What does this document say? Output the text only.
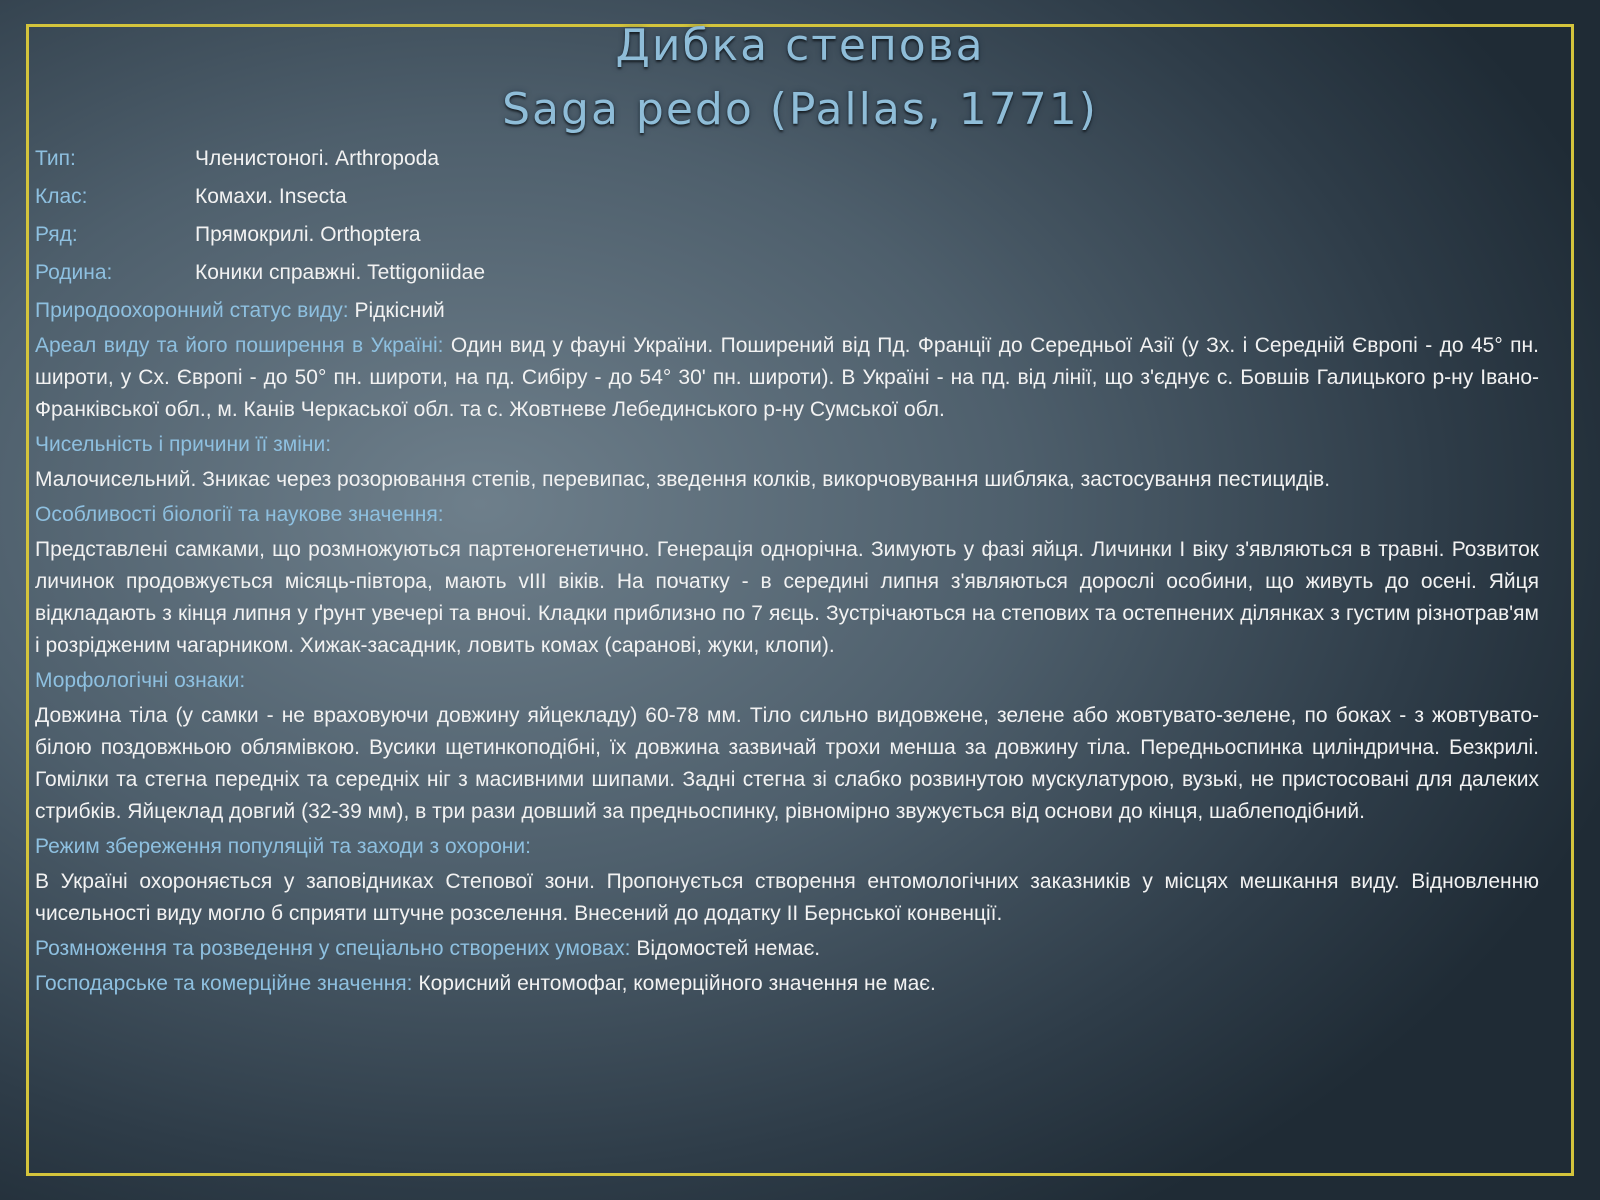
Дибка степова
Saga pedo (Pallas, 1771)
Тип:	Членистоногі. Arthropoda
Клас:	Комахи. Insecta
Ряд:	Прямокрилі. Orthoptera
Родина:	Коники справжні. Tettigoniidae
Природоохоронний статус виду: Рідкісний
Ареал виду та його поширення в Україні: Один вид у фауні України. Поширений від Пд. Франції до Середньої Азії (у Зх. і Середній Європі - до 45° пн. широти, у Сх. Європі - до 50° пн. широти, на пд. Сибіру - до 54° 30' пн. широти). В Україні - на пд. від лінії, що з'єднує с. Бовшів Галицького р-ну Івано-Франківської обл., м. Канів Черкаської обл. та с. Жовтневе Лебединського р-ну Сумської обл.
Чисельність і причини її зміни:
Малочисельний. Зникає через розорювання степів, перевипас, зведення колків, викорчовування шибляка, застосування пестицидів.
Особливості біології та наукове значення:
Представлені самками, що розмножуються партеногенетично. Генерація однорічна. Зимують у фазі яйця. Личинки І віку з'являються в травні. Розвиток личинок продовжується місяць-півтора, мають vІІІ віків. На початку - в середині липня з'являються дорослі особини, що живуть до осені. Яйця відкладають з кінця липня у ґрунт увечері та вночі. Кладки приблизно по 7 яєць. Зустрічаються на степових та остепнених ділянках з густим різнотрав'ям і розрідженим чагарником. Хижак-засадник, ловить комах (саранові, жуки, клопи).
Морфологічні ознаки:
Довжина тіла (у самки - не враховуючи довжину яйцекладу) 60-78 мм. Тіло сильно видовжене, зелене або жовтувато-зелене, по боках - з жовтувато-білою поздовжньою облямівкою. Вусики щетинкоподібні, їх довжина зазвичай трохи менша за довжину тіла. Передньоспинка циліндрична. Безкрилі. Гомілки та стегна передніх та середніх ніг з масивними шипами. Задні стегна зі слабко розвинутою мускулатурою, вузькі, не пристосовані для далеких стрибків. Яйцеклад довгий (32-39 мм), в три рази довший за предньоспинку, рівномірно звужується від основи до кінця, шаблеподібний.
Режим збереження популяцій та заходи з охорони:
В Україні охороняється у заповідниках Степової зони. Пропонується створення ентомологічних заказників у місцях мешкання виду. Відновленню чисельності виду могло б сприяти штучне розселення. Внесений до додатку ІІ Бернської конвенції.
Розмноження та розведення у спеціально створених умовах: Відомостей немає.
Господарське та комерційне значення: Корисний ентомофаг, комерційного значення не має.
